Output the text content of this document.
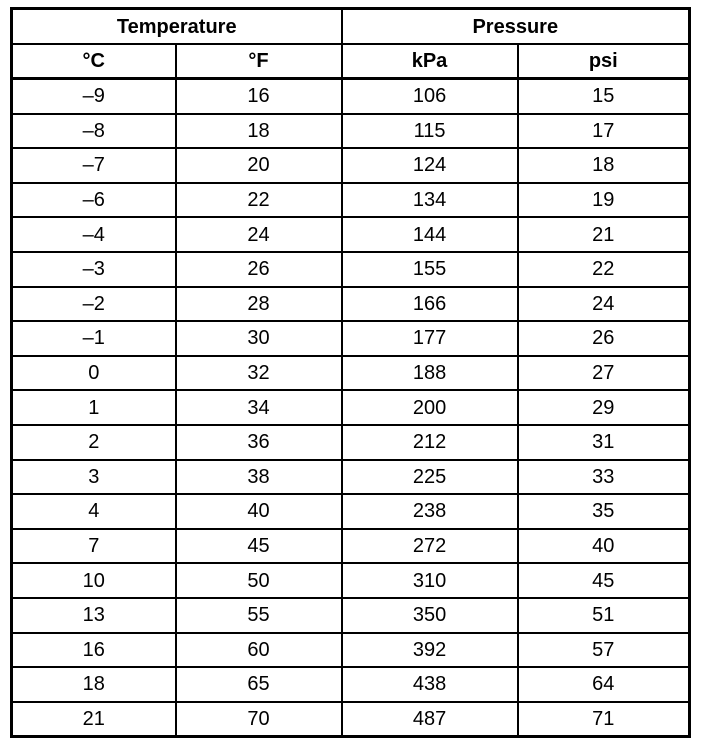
Temperature		Pressure	
°C	°F	kPa	psi
–9	16	106	15
–8	18	115	17
–7	20	124	18
–6	22	134	19
–4	24	144	21
–3	26	155	22
–2	28	166	24
–1	30	177	26
0	32	188	27
1	34	200	29
2	36	212	31
3	38	225	33
4	40	238	35
7	45	272	40
10	50	310	45
13	55	350	51
16	60	392	57
18	65	438	64
21	70	487	71
